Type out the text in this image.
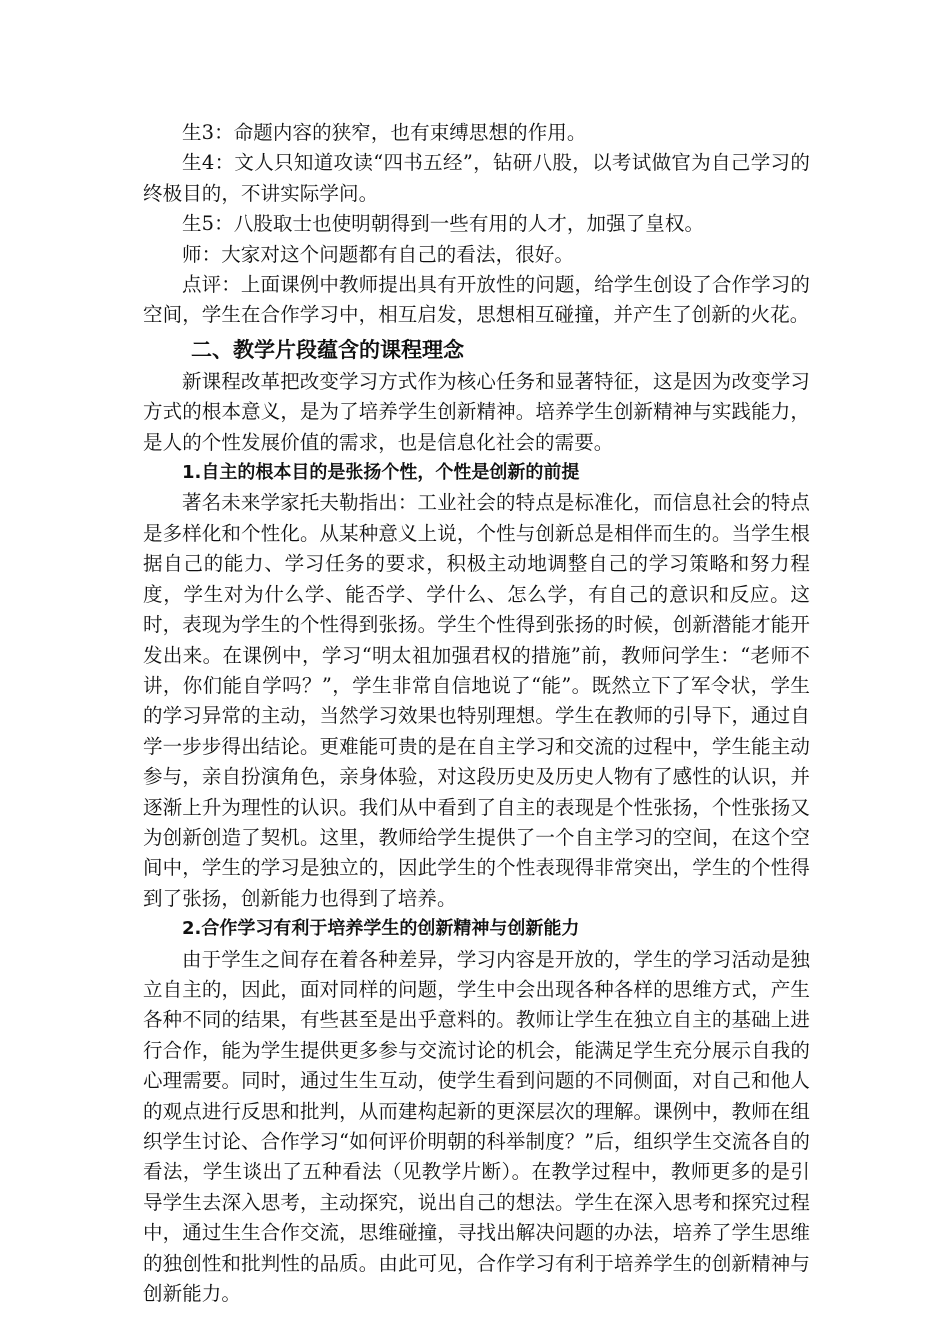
生3：命题内容的狭窄，也有束缚思想的作用。

生4：文人只知道攻读“四书五经”，钻研八股，以考试做官为自己学习的终极目的，不讲实际学问。

生5：八股取士也使明朝得到一些有用的人才，加强了皇权。

师：大家对这个问题都有自己的看法，很好。

点评：上面课例中教师提出具有开放性的问题，给学生创设了合作学习的空间，学生在合作学习中，相互启发，思想相互碰撞，并产生了创新的火花。

二、教学片段蕴含的课程理念

新课程改革把改变学习方式作为核心任务和显著特征，这是因为改变学习方式的根本意义，是为了培养学生创新精神。培养学生创新精神与实践能力，是人的个性发展价值的需求，也是信息化社会的需要。

1.自主的根本目的是张扬个性，个性是创新的前提

著名未来学家托夫勒指出：工业社会的特点是标准化，而信息社会的特点是多样化和个性化。从某种意义上说，个性与创新总是相伴而生的。当学生根据自己的能力、学习任务的要求，积极主动地调整自己的学习策略和努力程度，学生对为什么学、能否学、学什么、怎么学，有自己的意识和反应。这时，表现为学生的个性得到张扬。学生个性得到张扬的时候，创新潜能才能开发出来。在课例中，学习“明太祖加强君权的措施”前，教师问学生：“老师不讲，你们能自学吗？”，学生非常自信地说了“能”。既然立下了军令状，学生的学习异常的主动，当然学习效果也特别理想。学生在教师的引导下，通过自学一步步得出结论。更难能可贵的是在自主学习和交流的过程中，学生能主动参与，亲自扮演角色，亲身体验，对这段历史及历史人物有了感性的认识，并逐渐上升为理性的认识。我们从中看到了自主的表现是个性张扬，个性张扬又为创新创造了契机。这里，教师给学生提供了一个自主学习的空间，在这个空间中，学生的学习是独立的，因此学生的个性表现得非常突出，学生的个性得到了张扬，创新能力也得到了培养。

2.合作学习有利于培养学生的创新精神与创新能力

由于学生之间存在着各种差异，学习内容是开放的，学生的学习活动是独立自主的，因此，面对同样的问题，学生中会出现各种各样的思维方式，产生各种不同的结果，有些甚至是出乎意料的。教师让学生在独立自主的基础上进行合作，能为学生提供更多参与交流讨论的机会，能满足学生充分展示自我的心理需要。同时，通过生生互动，使学生看到问题的不同侧面，对自己和他人的观点进行反思和批判，从而建构起新的更深层次的理解。课例中，教师在组织学生讨论、合作学习“如何评价明朝的科举制度？”后，组织学生交流各自的看法，学生谈出了五种看法（见教学片断）。在教学过程中，教师更多的是引导学生去深入思考，主动探究，说出自己的想法。学生在深入思考和探究过程中，通过生生合作交流，思维碰撞，寻找出解决问题的办法，培养了学生思维的独创性和批判性的品质。由此可见，合作学习有利于培养学生的创新精神与创新能力。
